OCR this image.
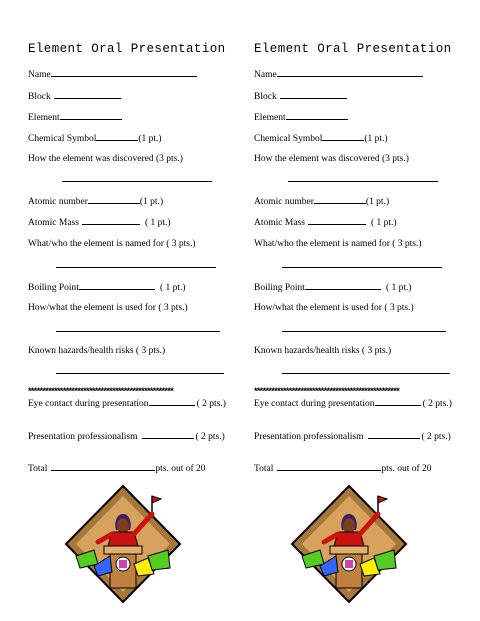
Element Oral Presentation
Name
Block
Element
Chemical Symbol	(1 pt.)
How the element was discovered (3 pts.)
Atomic number	(1 pt.)
Atomic Mass	( 1 pt.)
What/who the element is named for ( 3 pts.)
Boiling Point	( 1 pt.)
How/what the element is used for ( 3 pts.)
Known hazards/health risks ( 3 pts.)
**************************************************
Eye contact during presentation	( 2 pts.)
Presentation professionalism	( 2 pts.)
Total	pts. out of 20
Element Oral Presentation
Name
Block
Element
Chemical Symbol	(1 pt.)
How the element was discovered (3 pts.)
Atomic number	(1 pt.)
Atomic Mass	( 1 pt.)
What/who the element is named for ( 3 pts.)
Boiling Point	( 1 pt.)
How/what the element is used for ( 3 pts.)
Known hazards/health risks ( 3 pts.)
**************************************************
Eye contact during presentation	( 2 pts.)
Presentation professionalism	( 2 pts.)
Total	pts. out of 20
